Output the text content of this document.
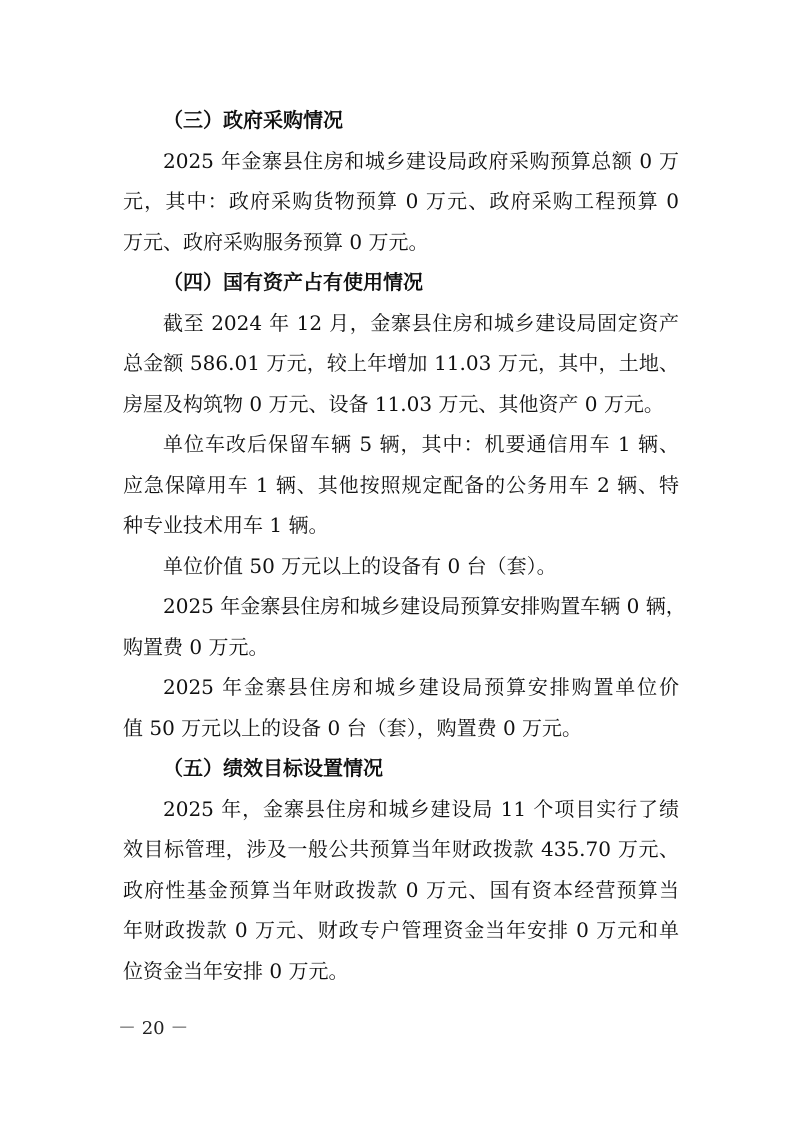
（三）政府采购情况
2025 年金寨县住房和城乡建设局政府采购预算总额 0 万
元，其中：政府采购货物预算 0 万元、政府采购工程预算 0
万元、政府采购服务预算 0 万元。
（四）国有资产占有使用情况
截至 2024 年 12 月，金寨县住房和城乡建设局固定资产
总金额 586.01 万元，较上年增加 11.03 万元，其中，土地、
房屋及构筑物 0 万元、设备 11.03 万元、其他资产 0 万元。
单位车改后保留车辆 5 辆，其中：机要通信用车 1 辆、
应急保障用车 1 辆、其他按照规定配备的公务用车 2 辆、特
种专业技术用车 1 辆。
单位价值 50 万元以上的设备有 0 台（套）。
2025 年金寨县住房和城乡建设局预算安排购置车辆 0 辆，
购置费 0 万元。
2025 年金寨县住房和城乡建设局预算安排购置单位价
值 50 万元以上的设备 0 台（套），购置费 0 万元。
（五）绩效目标设置情况
2025 年，金寨县住房和城乡建设局 11 个项目实行了绩
效目标管理，涉及一般公共预算当年财政拨款 435.70 万元、
政府性基金预算当年财政拨款 0 万元、国有资本经营预算当
年财政拨款 0 万元、财政专户管理资金当年安排 0 万元和单
位资金当年安排 0 万元。
－ 20 －
